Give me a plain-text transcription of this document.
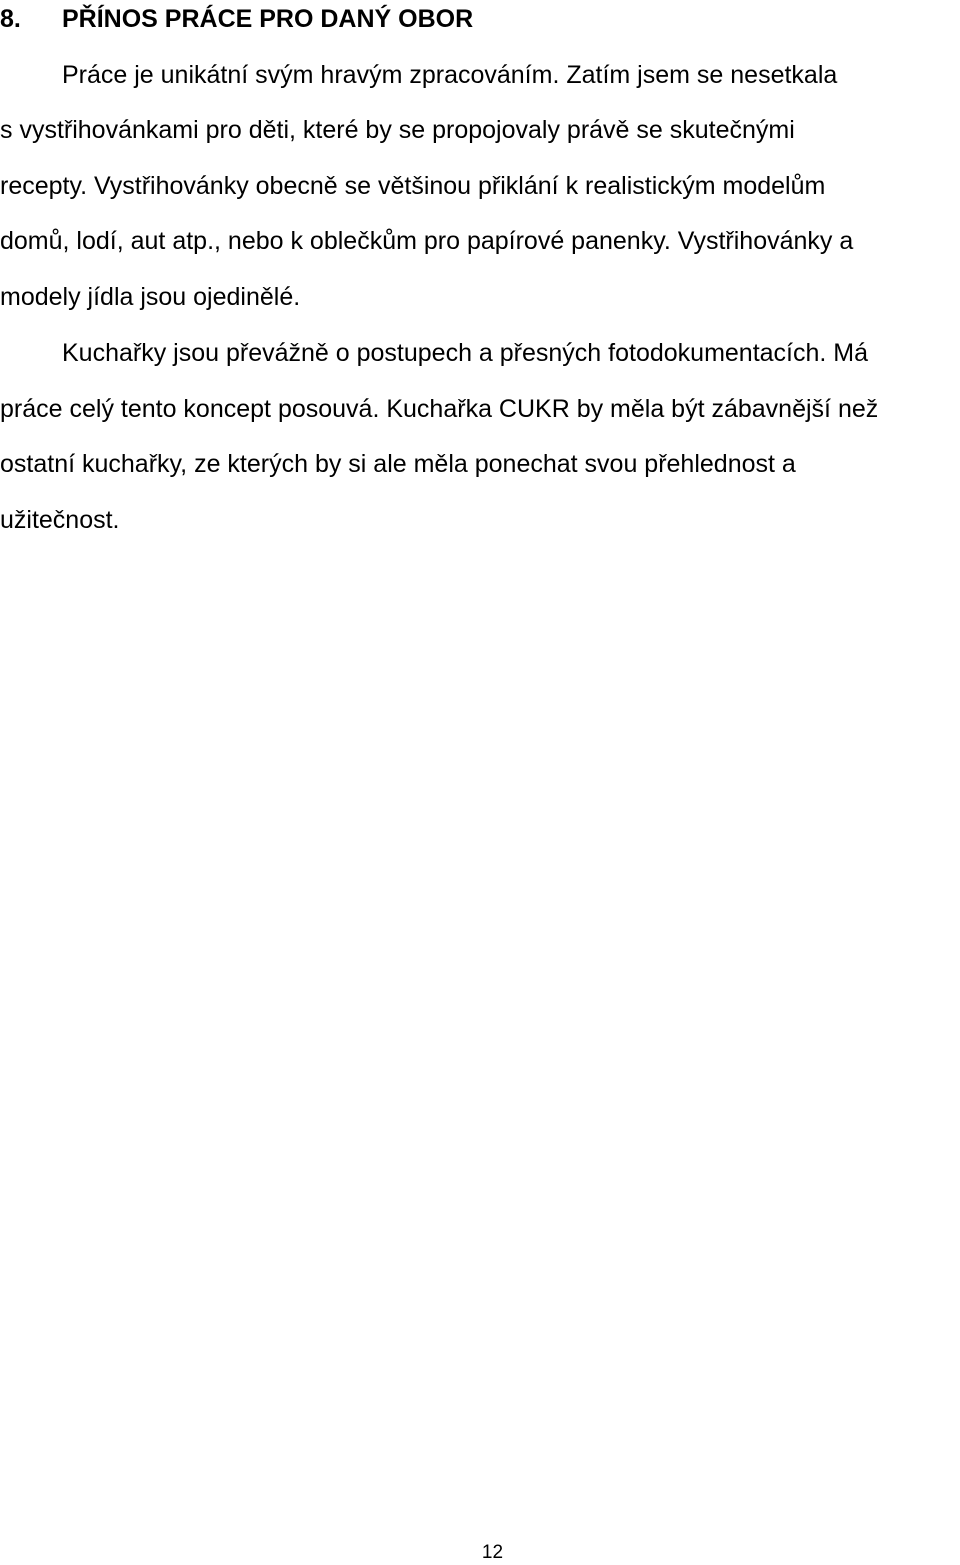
8. PŘÍNOS PRÁCE PRO DANÝ OBOR
Práce je unikátní svým hravým zpracováním. Zatím jsem se nesetkala
s vystřihovánkami pro děti, které by se propojovaly právě se skutečnými
recepty. Vystřihovánky obecně se většinou přiklání k realistickým modelům
domů, lodí, aut atp., nebo k oblečkům pro papírové panenky. Vystřihovánky a
modely jídla jsou ojedinělé.
Kuchařky jsou převážně o postupech a přesných fotodokumentacích. Má
práce celý tento koncept posouvá. Kuchařka CUKR by měla být zábavnější než
ostatní kuchařky, ze kterých by si ale měla ponechat svou přehlednost a
užitečnost.
12
